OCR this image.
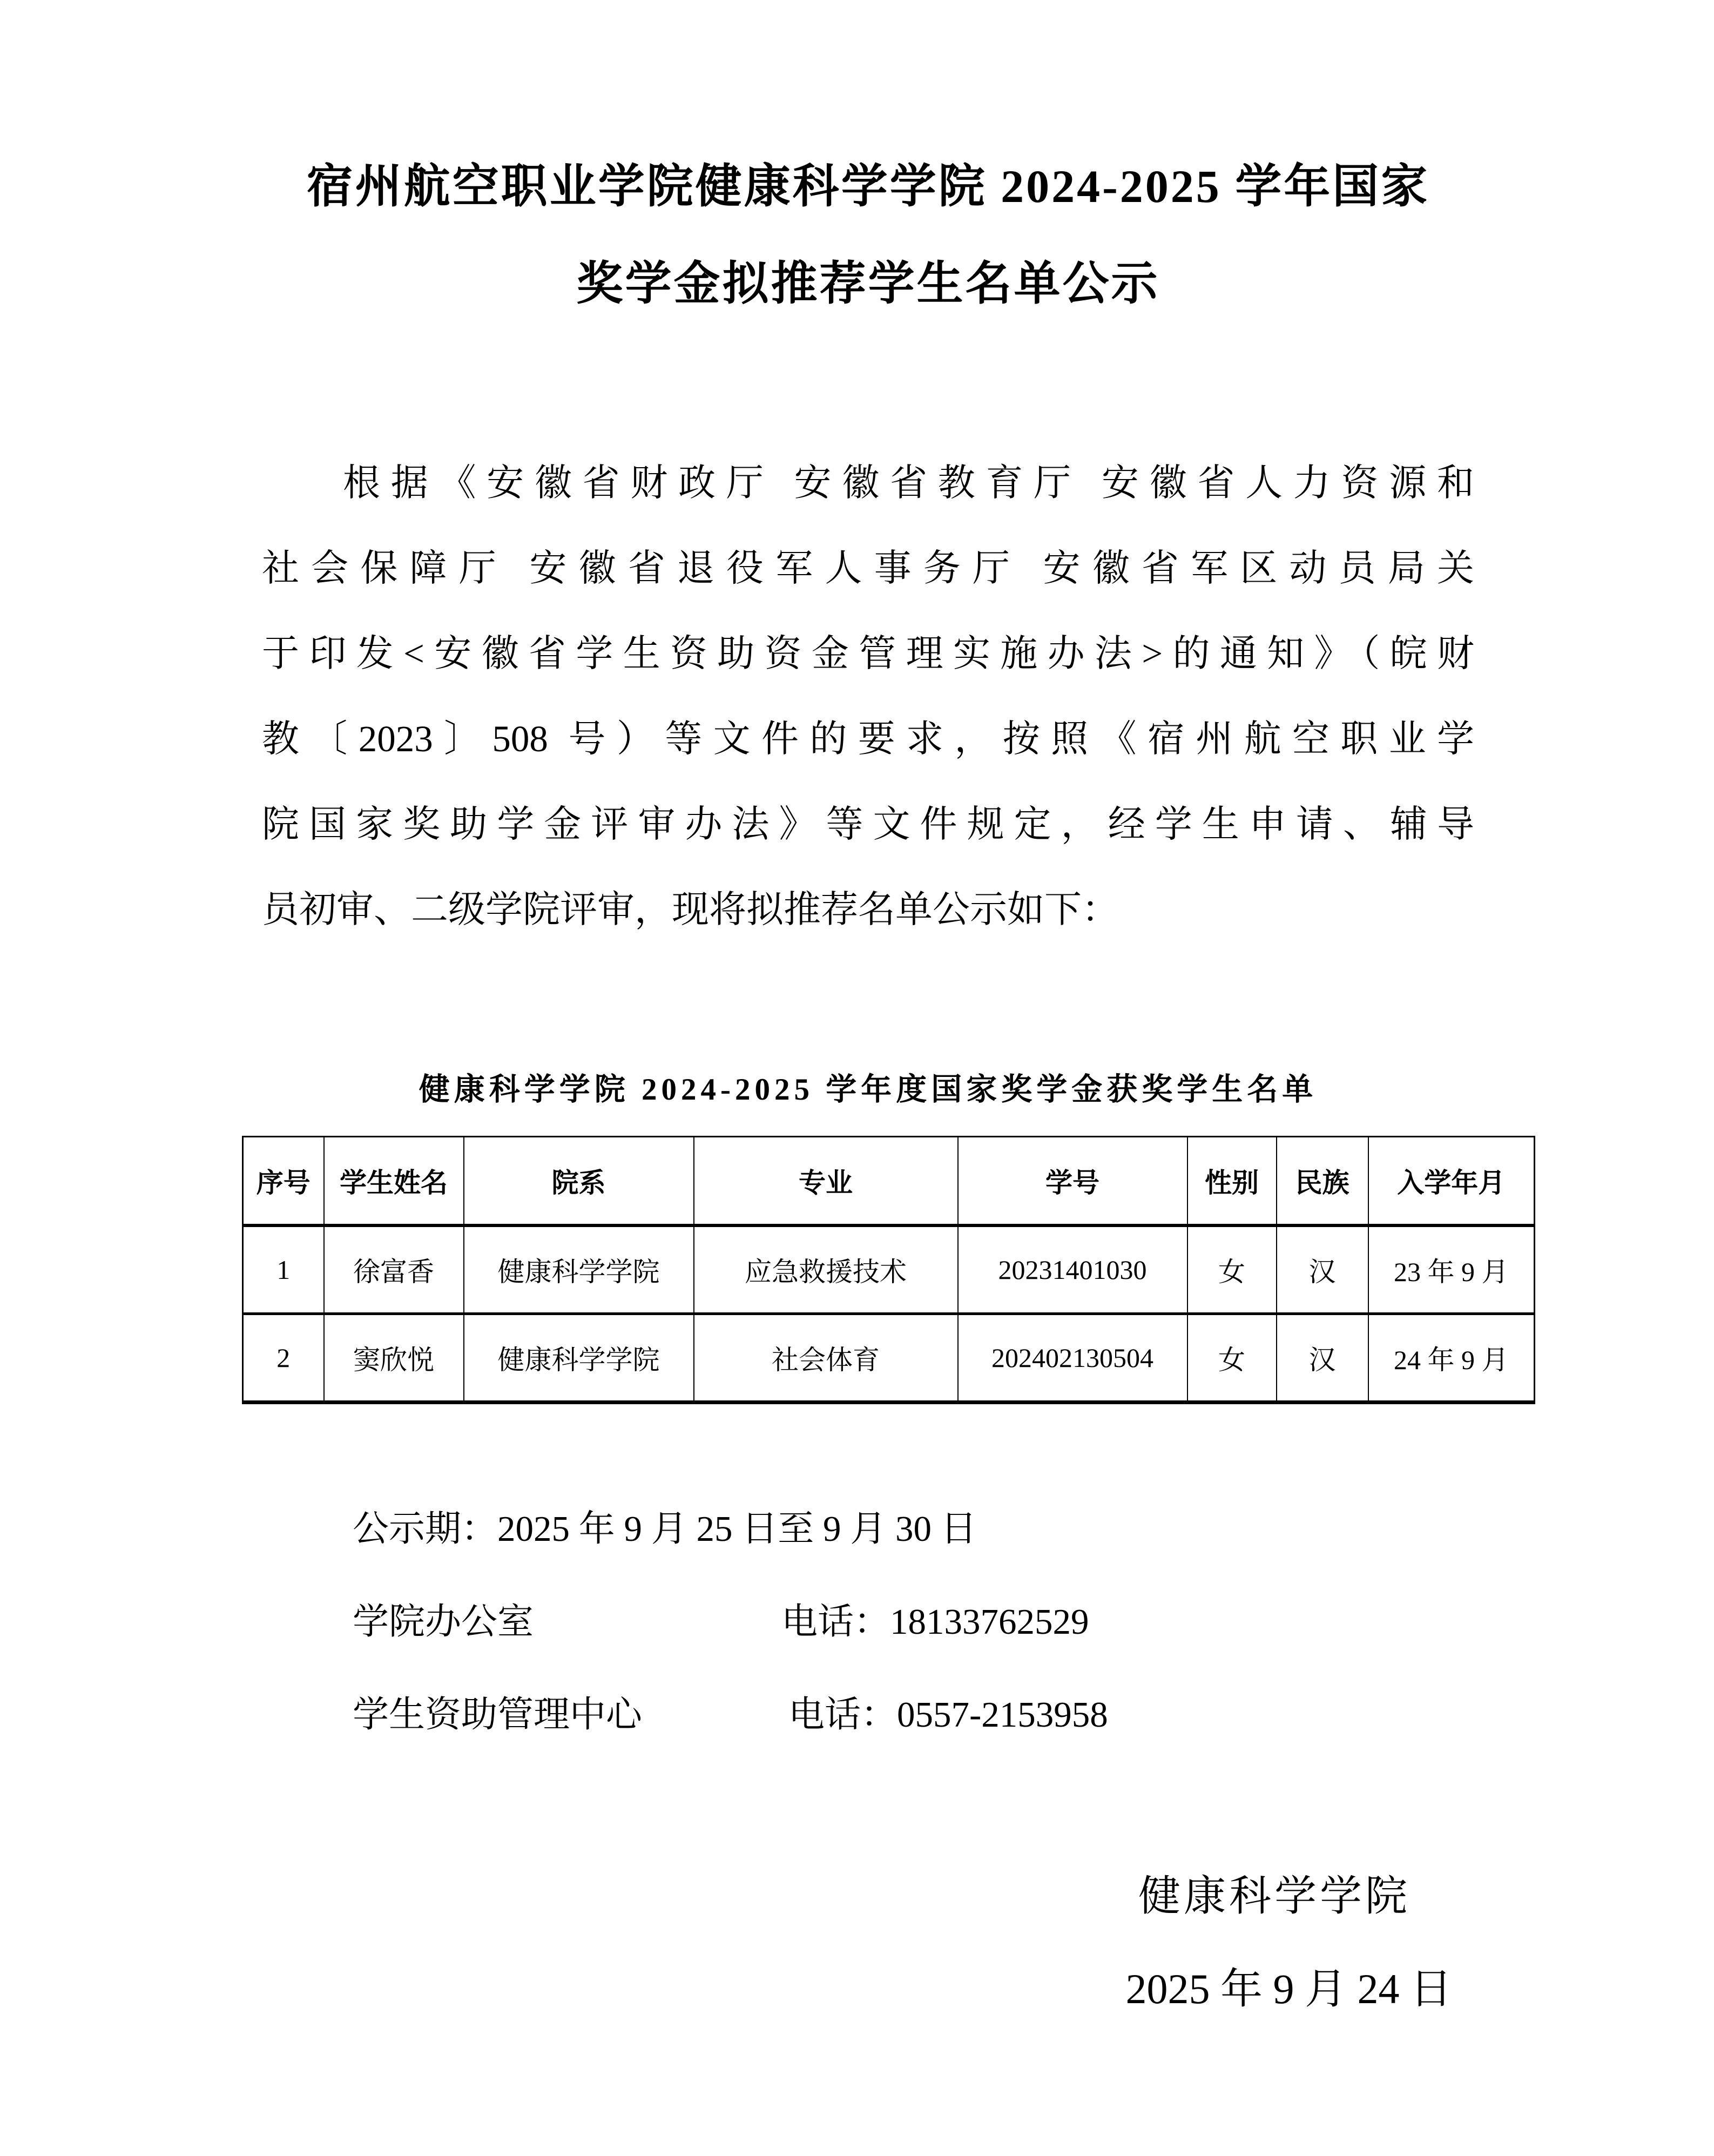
宿州航空职业学院健康科学学院 2024-2025 学年国家
奖学金拟推荐学生名单公示
根据《安徽省财政厅 安徽省教育厅 安徽省人力资源和
社会保障厅 安徽省退役军人事务厅 安徽省军区动员局关
于印发<安徽省学生资助资金管理实施办法>的通知》（皖财
教〔2023〕508 号）等文件的要求，按照《宿州航空职业学
院国家奖助学金评审办法》等文件规定，经学生申请、辅导
员初审、二级学院评审，现将拟推荐名单公示如下：
健康科学学院 2024-2025 学年度国家奖学金获奖学生名单
序号	学生姓名	院系	专业	学号	性别	民族	入学年月
1	徐富香	健康科学学院	应急救援技术	20231401030	女	汉	23 年 9 月
2	窦欣悦	健康科学学院	社会体育	202402130504	女	汉	24 年 9 月
公示期：2025 年 9 月 25 日至 9 月 30 日
学院办公室	电话：18133762529
学生资助管理中心	电话：0557-2153958
健康科学学院
2025 年 9 月 24 日
